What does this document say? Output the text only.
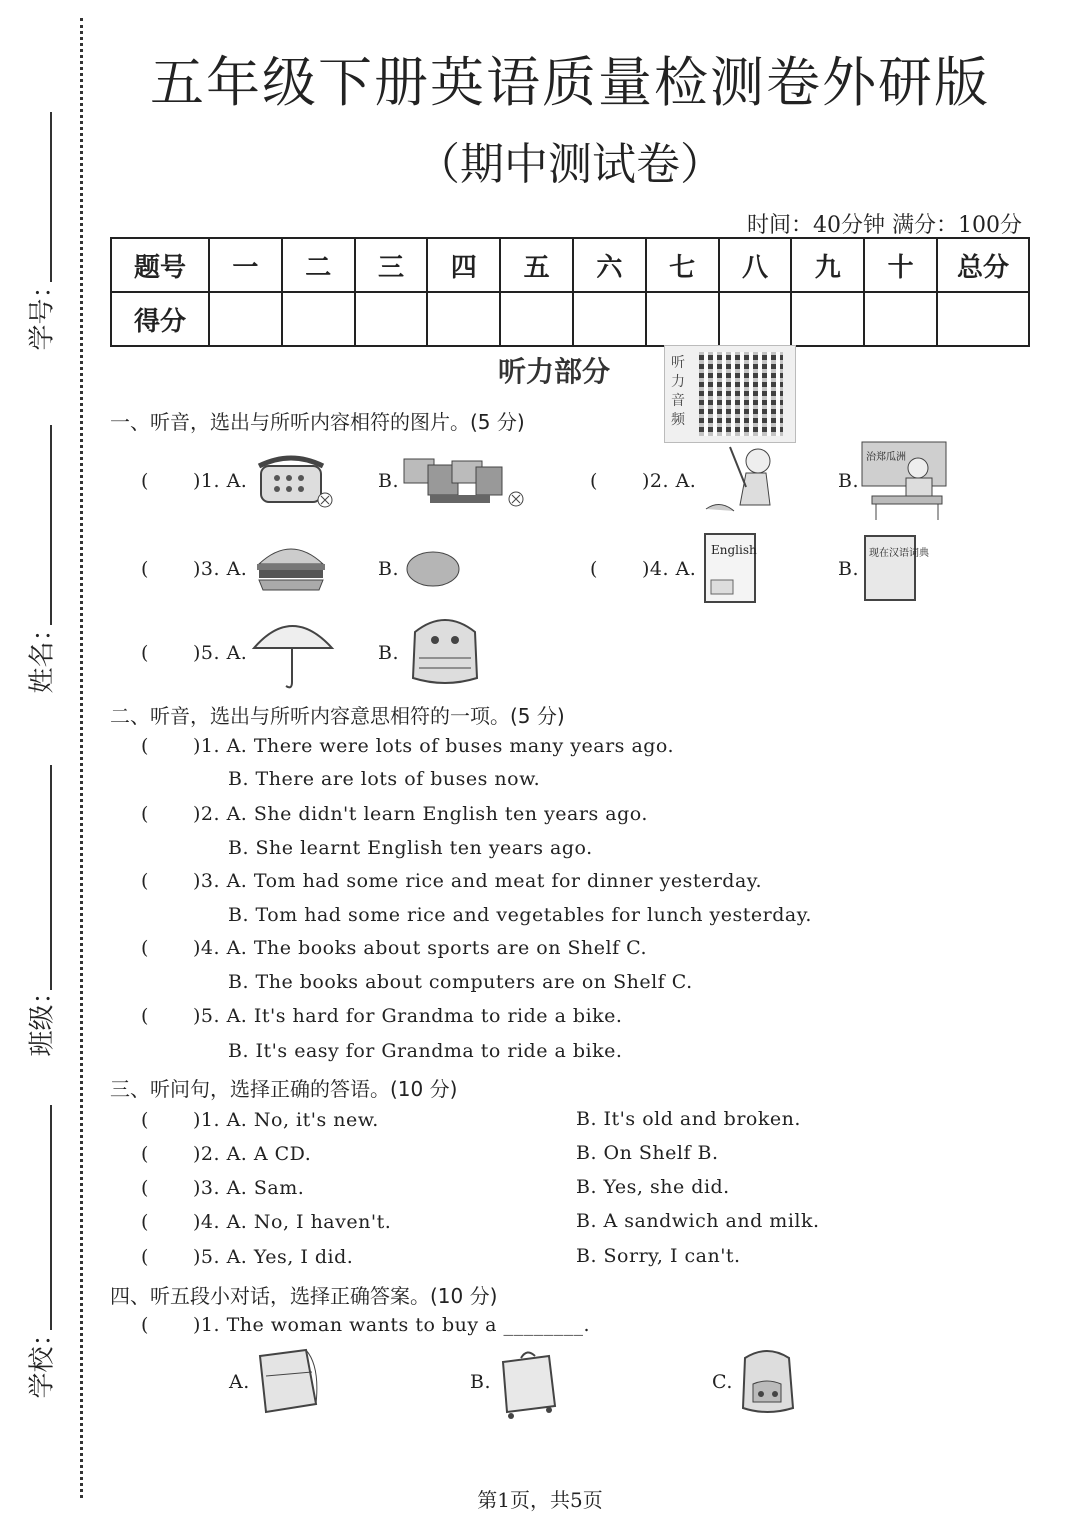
学号：
姓名：
班级：
学校：
五年级下册英语质量检测卷外研版
（期中测试卷）
时间：40分钟 满分：100分
题号	一	二	三	四	五	六	七	八	九	十	总分
得分											
听力部分	听力音频
一、听音，选出与所听内容相符的图片。(5 分)
( )1. A.	B.	( )2. A.	B.
治郑瓜洲
( )3. A.	B.	( )4. A.
English
B.
现在汉语词典
( )5. A.	B.
二、听音，选出与所听内容意思相符的一项。(5 分)
( )1. A. There were lots of buses many years ago.
B. There are lots of buses now.
( )2. A. She didn't learn English ten years ago.
B. She learnt English ten years ago.
( )3. A. Tom had some rice and meat for dinner yesterday.
B. Tom had some rice and vegetables for lunch yesterday.
( )4. A. The books about sports are on Shelf C.
B. The books about computers are on Shelf C.
( )5. A. It's hard for Grandma to ride a bike.
B. It's easy for Grandma to ride a bike.
三、听问句，选择正确的答语。(10 分)
( )1. A. No, it's new.	B. It's old and broken.
( )2. A. A CD.	B. On Shelf B.
( )3. A. Sam.	B. Yes, she did.
( )4. A. No, I haven't.	B. A sandwich and milk.
( )5. A. Yes, I did.	B. Sorry, I can't.
四、听五段小对话，选择正确答案。(10 分)
( )1. The woman wants to buy a ________.
A.	B.	C.
第1页，共5页
